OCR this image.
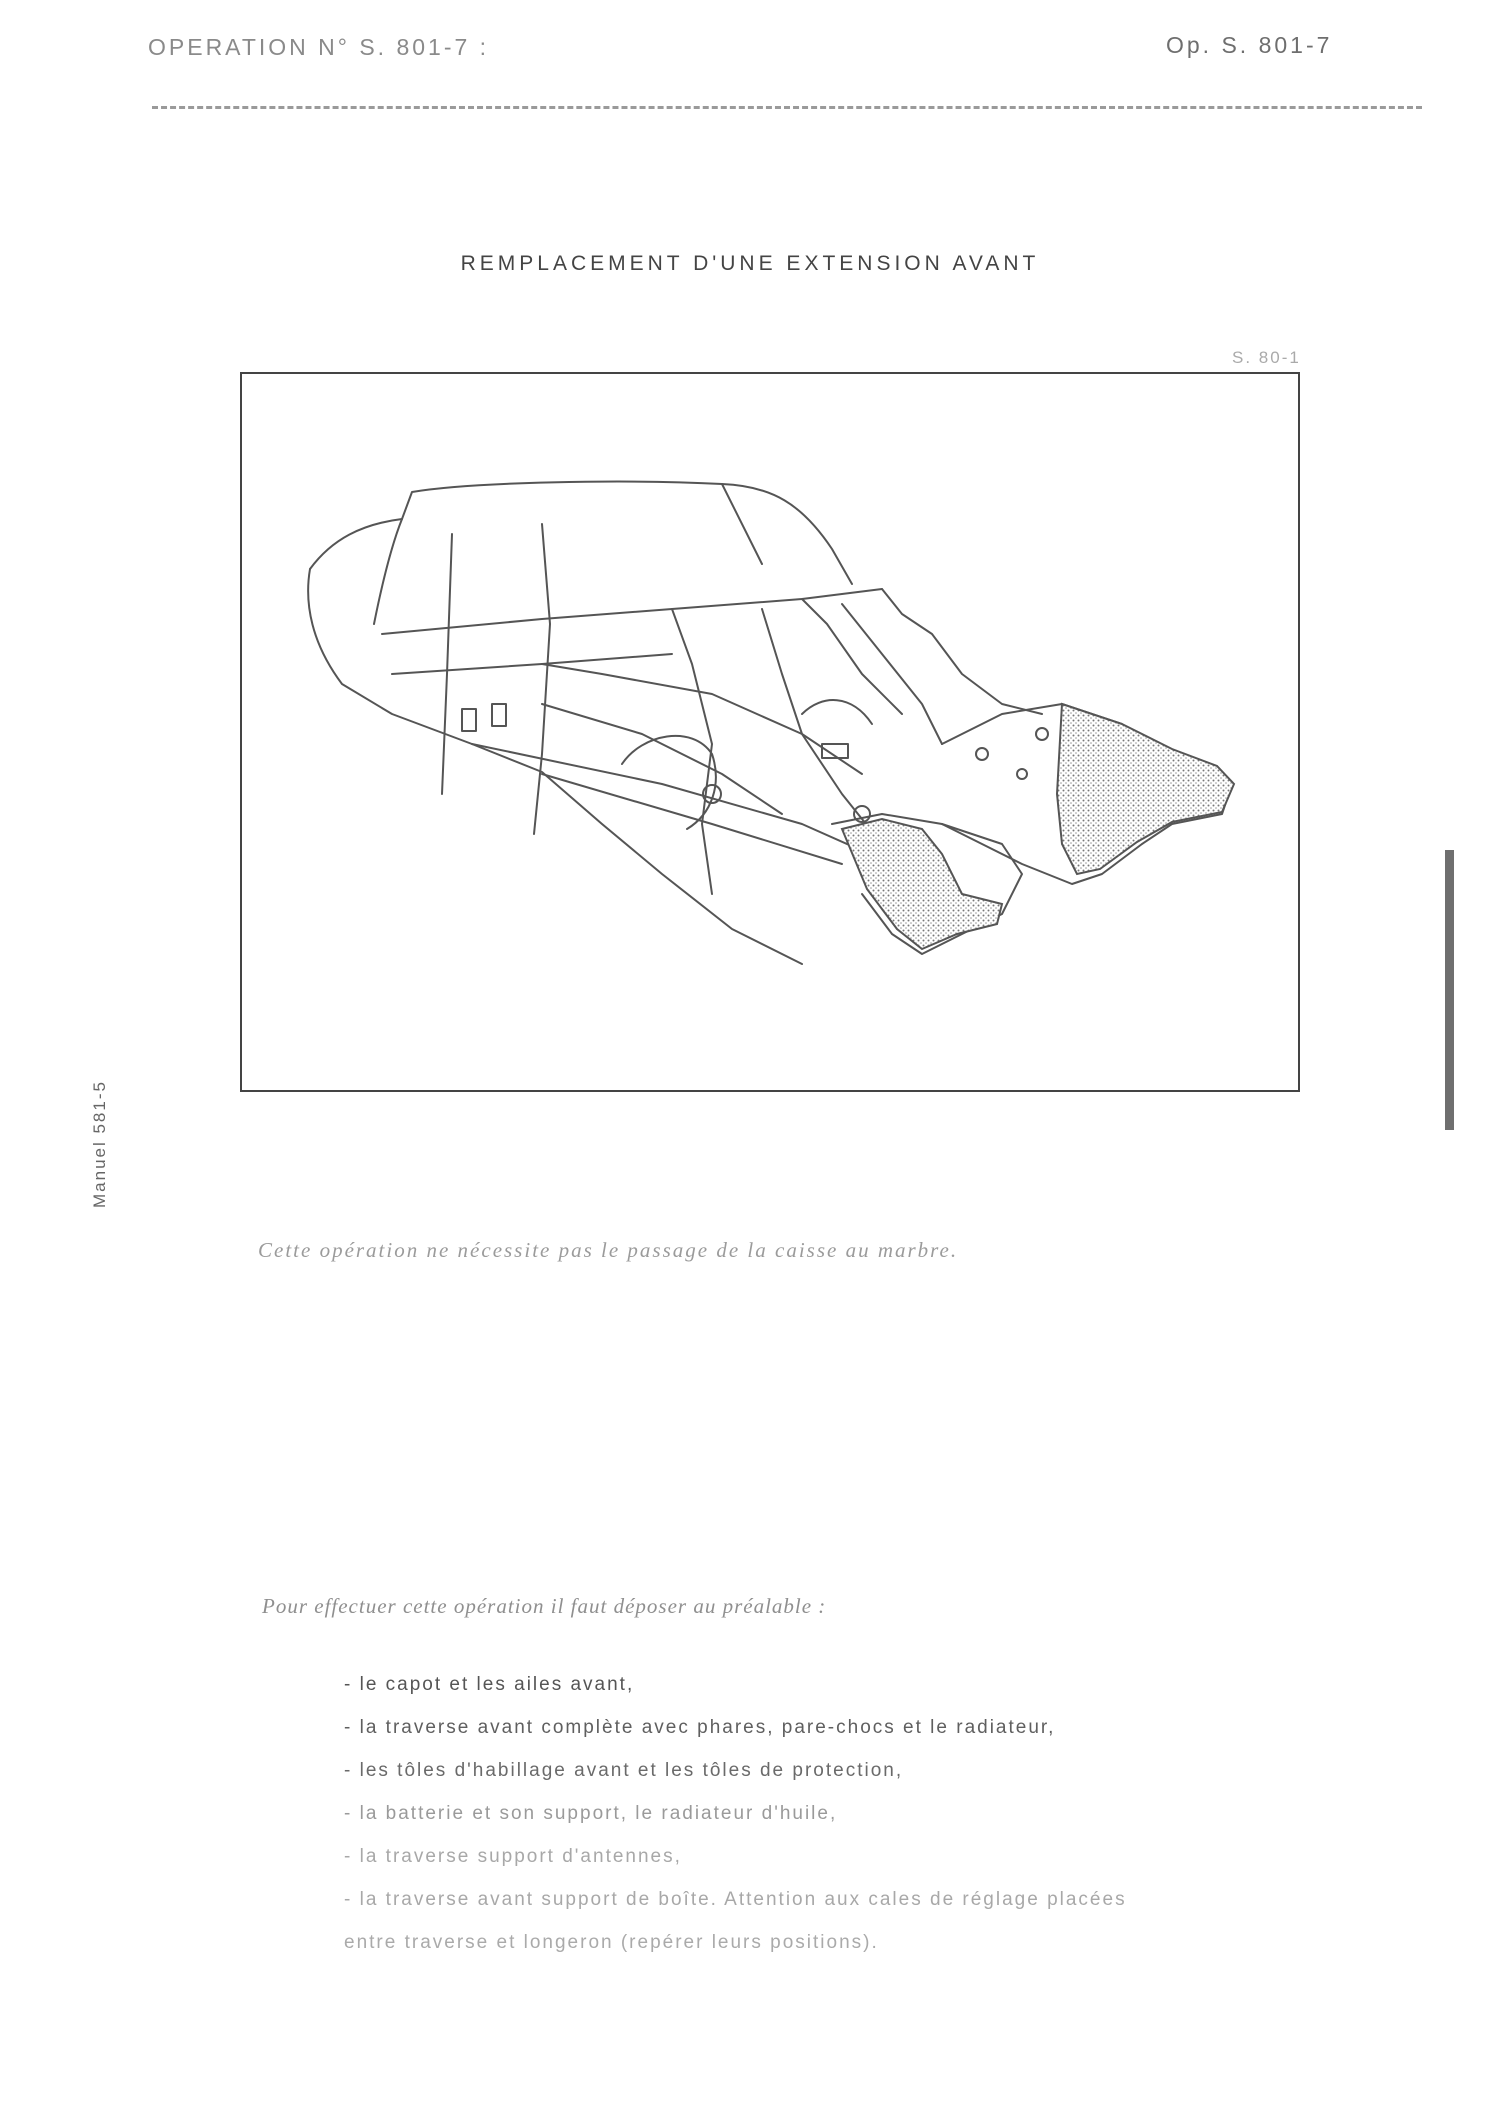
OPERATION N° S. 801-7 :	Op. S. 801-7
REMPLACEMENT D'UNE EXTENSION AVANT
S. 80-1
Manuel 581-5
Cette opération ne nécessite pas le passage de la caisse au marbre.
Pour effectuer cette opération il faut déposer au préalable :
- le capot et les ailes avant,
- la traverse avant complète avec phares, pare-chocs et le radiateur,
- les tôles d'habillage avant et les tôles de protection,
- la batterie et son support, le radiateur d'huile,
- la traverse support d'antennes,
- la traverse avant support de boîte. Attention aux cales de réglage placées
entre traverse et longeron (repérer leurs positions).
